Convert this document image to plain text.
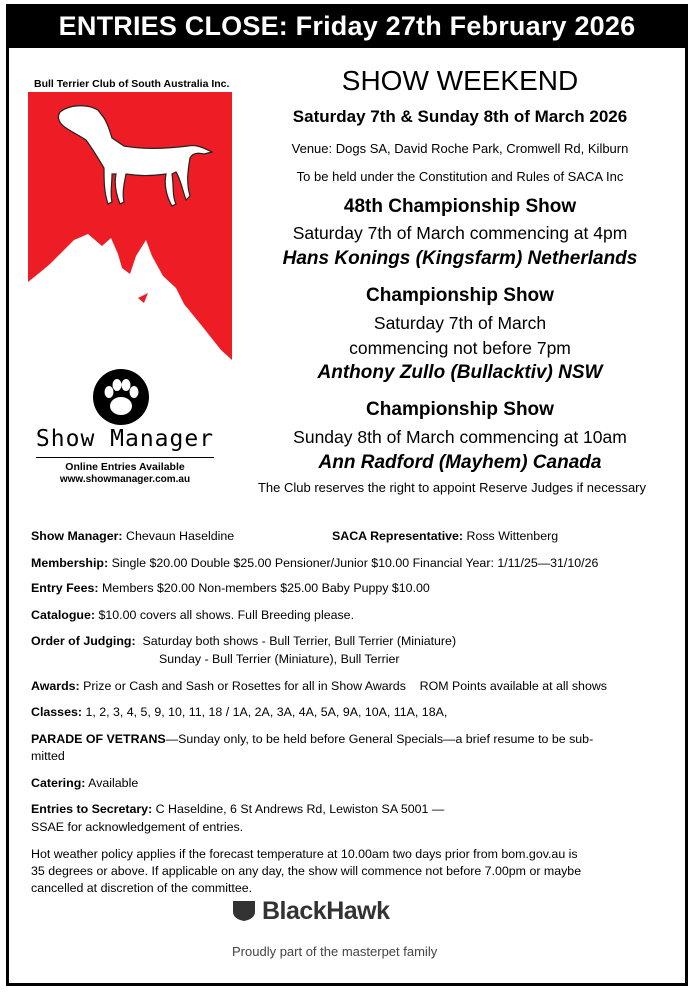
ENTRIES CLOSE: Friday 27th February 2026
Bull Terrier Club of South Australia Inc.	SHOW WEEKEND
Saturday 7th & Sunday 8th of March 2026
Venue: Dogs SA, David Roche Park, Cromwell Rd, Kilburn
To be held under the Constitution and Rules of SACA Inc
48th Championship Show
Saturday 7th of March commencing at 4pm
Hans Konings (Kingsfarm) Netherlands
Championship Show
Saturday 7th of March
commencing not before 7pm
Anthony Zullo (Bullacktiv) NSW
Championship Show
Sunday 8th of March commencing at 10am
Ann Radford (Mayhem) Canada
The Club reserves the right to appoint Reserve Judges if necessary
Show Manager
Online Entries Available
www.showmanager.com.au
Show Manager: Chevaun Haseldine	SACA Representative: Ross Wittenberg
Membership: Single $20.00 Double $25.00 Pensioner/Junior $10.00 Financial Year: 1/11/25—31/10/26
Entry Fees: Members $20.00 Non-members $25.00 Baby Puppy $10.00
Catalogue: $10.00 covers all shows. Full Breeding please.
Order of Judging: Saturday both shows - Bull Terrier, Bull Terrier (Miniature)
Sunday - Bull Terrier (Miniature), Bull Terrier
Awards: Prize or Cash and Sash or Rosettes for all in Show Awards    ROM Points available at all shows
Classes: 1, 2, 3, 4, 5, 9, 10, 11, 18 / 1A, 2A, 3A, 4A, 5A, 9A, 10A, 11A, 18A,
PARADE OF VETRANS—Sunday only, to be held before General Specials—a brief resume to be sub-
mitted
Catering: Available
Entries to Secretary: C Haseldine, 6 St Andrews Rd, Lewiston SA 5001 —
SSAE for acknowledgement of entries.
Hot weather policy applies if the forecast temperature at 10.00am two days prior from bom.gov.au is
35 degrees or above. If applicable on any day, the show will commence not before 7.00pm or maybe
cancelled at discretion of the committee.
BlackHawk
Proudly part of the masterpet family
